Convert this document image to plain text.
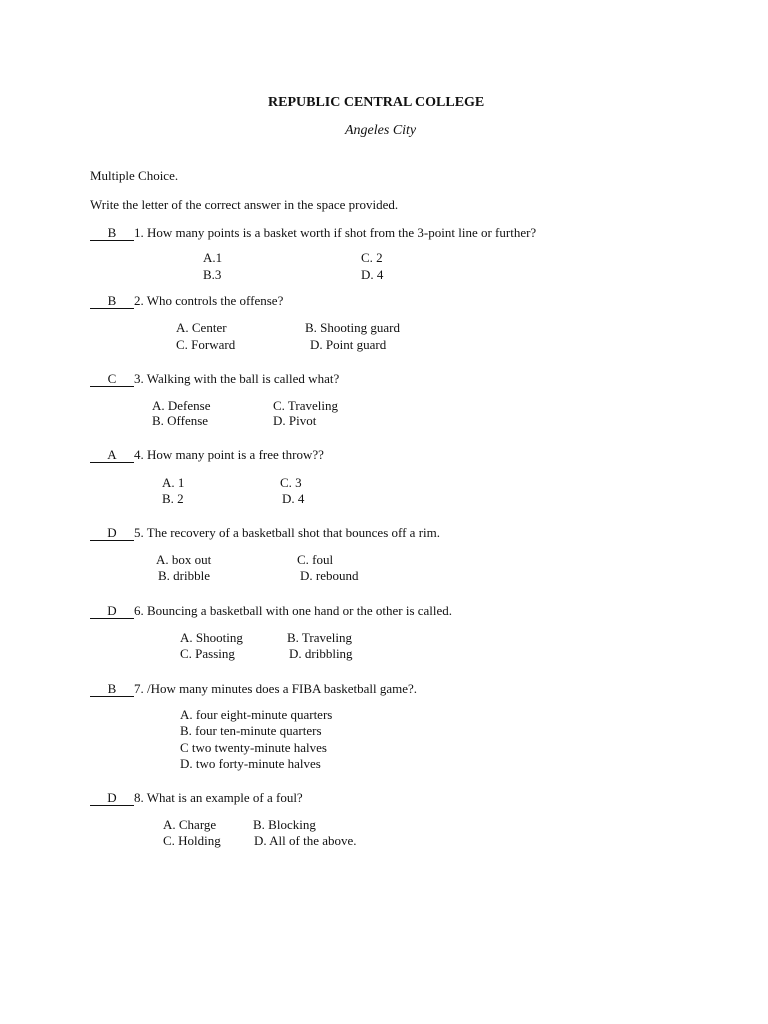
REPUBLIC CENTRAL COLLEGE
Angeles City
Multiple Choice.
Write the letter of the correct answer in the space provided.
B 1. How many points is a basket worth if shot from the 3-point line or further?
A.1	C. 2
B.3	D. 4
B 2. Who controls the offense?
A. Center	B. Shooting guard
C. Forward	D. Point guard
C 3. Walking with the ball is called what?
A. Defense	C. Traveling
B. Offense	D. Pivot
A 4. How many point is a free throw??
A. 1	C. 3
B. 2	D. 4
D 5. The recovery of a basketball shot that bounces off a rim.
A. box out	C. foul
B. dribble	D. rebound
D 6. Bouncing a basketball with one hand or the other is called.
A. Shooting	B. Traveling
C. Passing	D. dribbling
B 7. /How many minutes does a FIBA basketball game?.
A. four eight-minute quarters
B. four ten-minute quarters
C two twenty-minute halves
D. two forty-minute halves
D 8. What is an example of a foul?
A. Charge	B. Blocking
C. Holding	D. All of the above.
